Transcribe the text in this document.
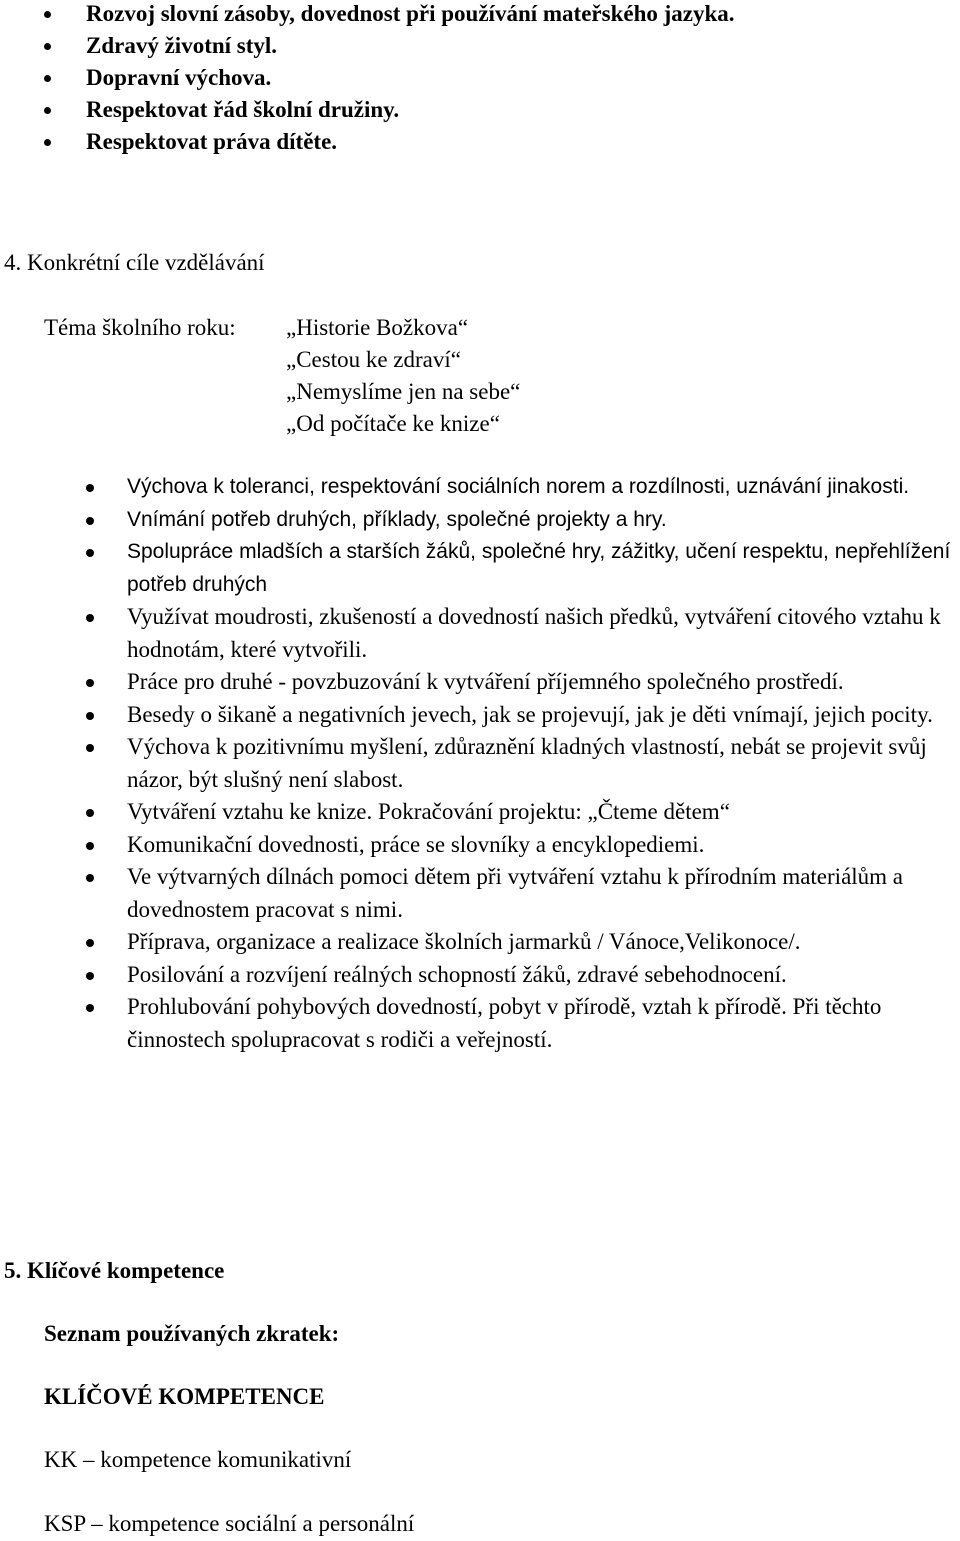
Rozvoj slovní zásoby, dovednost při používání mateřského jazyka.
Zdravý životní styl.
Dopravní výchova.
Respektovat řád školní družiny.
Respektovat práva dítěte.
4. Konkrétní cíle vzdělávání
Téma školního roku: „Historie Božkova“
„Cestou ke zdraví“
„Nemyslíme jen na sebe“
„Od počítače ke knize“
Výchova k toleranci, respektování sociálních norem a rozdílnosti, uznávání jinakosti.
Vnímání potřeb druhých, příklady, společné projekty a hry.
Spolupráce mladších a starších žáků, společné hry, zážitky, učení respektu, nepřehlížení potřeb druhých
Využívat moudrosti, zkušeností a dovedností našich předků, vytváření citového vztahu k hodnotám, které vytvořili.
Práce pro druhé - povzbuzování k vytváření příjemného společného prostředí.
Besedy o šikaně a negativních jevech, jak se projevují, jak je děti vnímají, jejich pocity.
Výchova k pozitivnímu myšlení, zdůraznění kladných vlastností, nebát se projevit svůj názor, být slušný není slabost.
Vytváření vztahu ke knize. Pokračování projektu: „Čteme dětem“
Komunikační dovednosti, práce se slovníky a encyklopediemi.
Ve výtvarných dílnách pomoci dětem při vytváření vztahu k přírodním materiálům a dovednostem pracovat s nimi.
Příprava, organizace a realizace školních jarmarků / Vánoce,Velikonoce/.
Posilování a rozvíjení reálných schopností žáků, zdravé sebehodnocení.
Prohlubování pohybových dovedností, pobyt v přírodě, vztah k přírodě. Při těchto činnostech spolupracovat s rodiči a veřejností.
5. Klíčové kompetence
Seznam používaných zkratek:
KLÍČOVÉ KOMPETENCE
KK – kompetence komunikativní
KSP – kompetence sociální a personální
